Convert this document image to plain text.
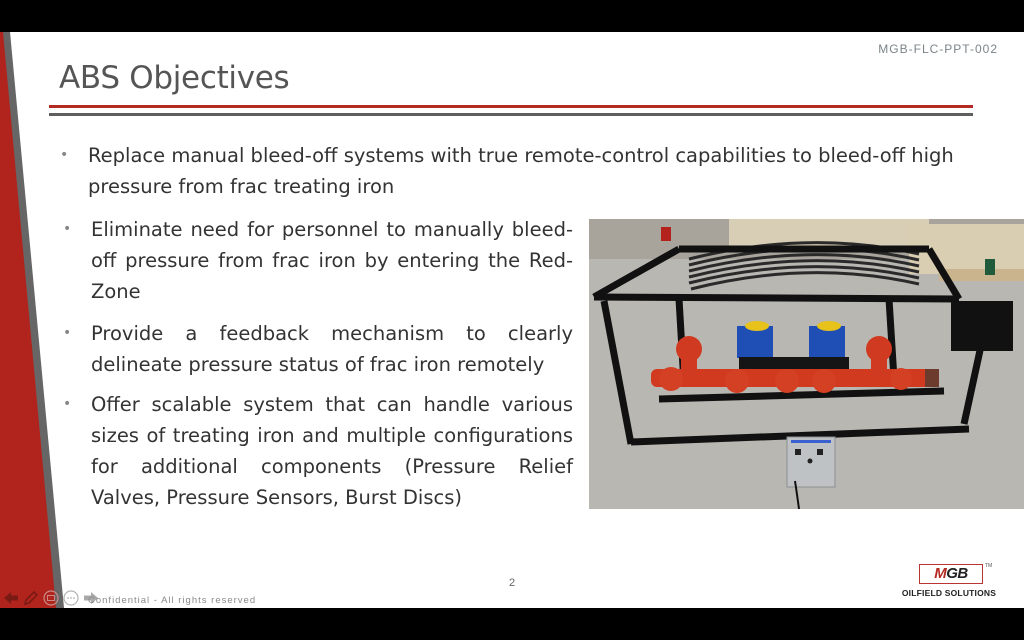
MGB-FLC-PPT-002
ABS Objectives
• Replace manual bleed-off systems with true remote-control capabilities to bleed-off high pressure from frac treating iron
• Eliminate need for personnel to manually bleed-off pressure from frac iron by entering the Red-Zone
• Provide a feedback mechanism to clearly delineate pressure status of frac iron remotely
• Offer scalable system that can handle various sizes of treating iron and multiple configurations for additional components (Pressure Relief Valves, Pressure Sensors, Burst Discs)
2
Confidential - All rights reserved
MGB	TM
OILFIELD SOLUTIONS
